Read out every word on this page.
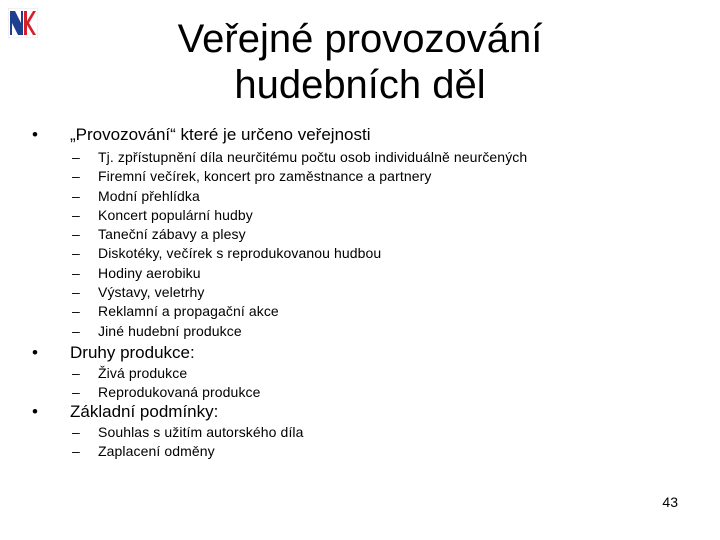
Veřejné provozování
hudebních děl
• „Provozování“ které je určeno veřejnosti
– Tj. zpřístupnění díla neurčitému počtu osob individuálně neurčených
– Firemní večírek, koncert pro zaměstnance a partnery
– Modní přehlídka
– Koncert populární hudby
– Taneční zábavy a plesy
– Diskotéky, večírek s reprodukovanou hudbou
– Hodiny aerobiku
– Výstavy, veletrhy
– Reklamní a propagační akce
– Jiné hudební produkce
• Druhy produkce:
– Živá produkce
– Reprodukovaná produkce
• Základní podmínky:
– Souhlas s užitím autorského díla
– Zaplacení odměny
43
